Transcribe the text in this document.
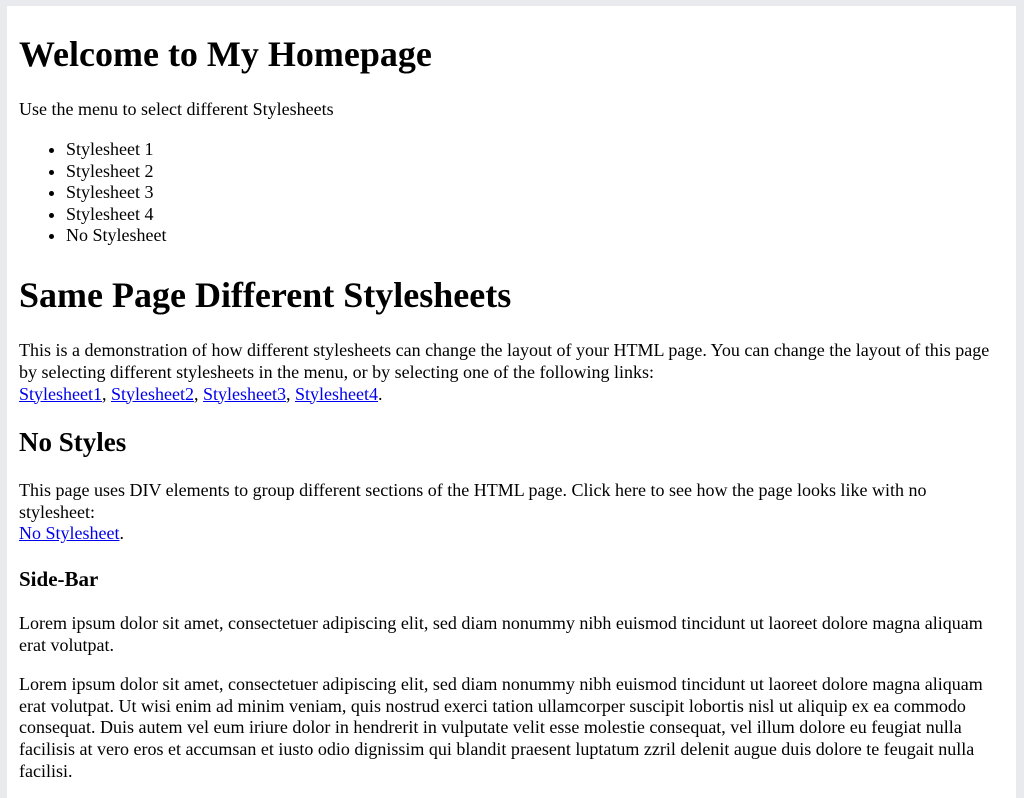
Welcome to My Homepage

Use the menu to select different Stylesheets

• Stylesheet 1
• Stylesheet 2
• Stylesheet 3
• Stylesheet 4
• No Stylesheet
Same Page Different Stylesheets

This is a demonstration of how different stylesheets can change the layout of your HTML page. You can change the layout of this page by selecting different stylesheets in the menu, or by selecting one of the following links:
Stylesheet1, Stylesheet2, Stylesheet3, Stylesheet4.

No Styles

This page uses DIV elements to group different sections of the HTML page. Click here to see how the page looks like with no stylesheet:
No Stylesheet.

Side-Bar

Lorem ipsum dolor sit amet, consectetuer adipiscing elit, sed diam nonummy nibh euismod tincidunt ut laoreet dolore magna aliquam erat volutpat.

Lorem ipsum dolor sit amet, consectetuer adipiscing elit, sed diam nonummy nibh euismod tincidunt ut laoreet dolore magna aliquam erat volutpat. Ut wisi enim ad minim veniam, quis nostrud exerci tation ullamcorper suscipit lobortis nisl ut aliquip ex ea commodo consequat. Duis autem vel eum iriure dolor in hendrerit in vulputate velit esse molestie consequat, vel illum dolore eu feugiat nulla facilisis at vero eros et accumsan et iusto odio dignissim qui blandit praesent luptatum zzril delenit augue duis dolore te feugait nulla facilisi.
